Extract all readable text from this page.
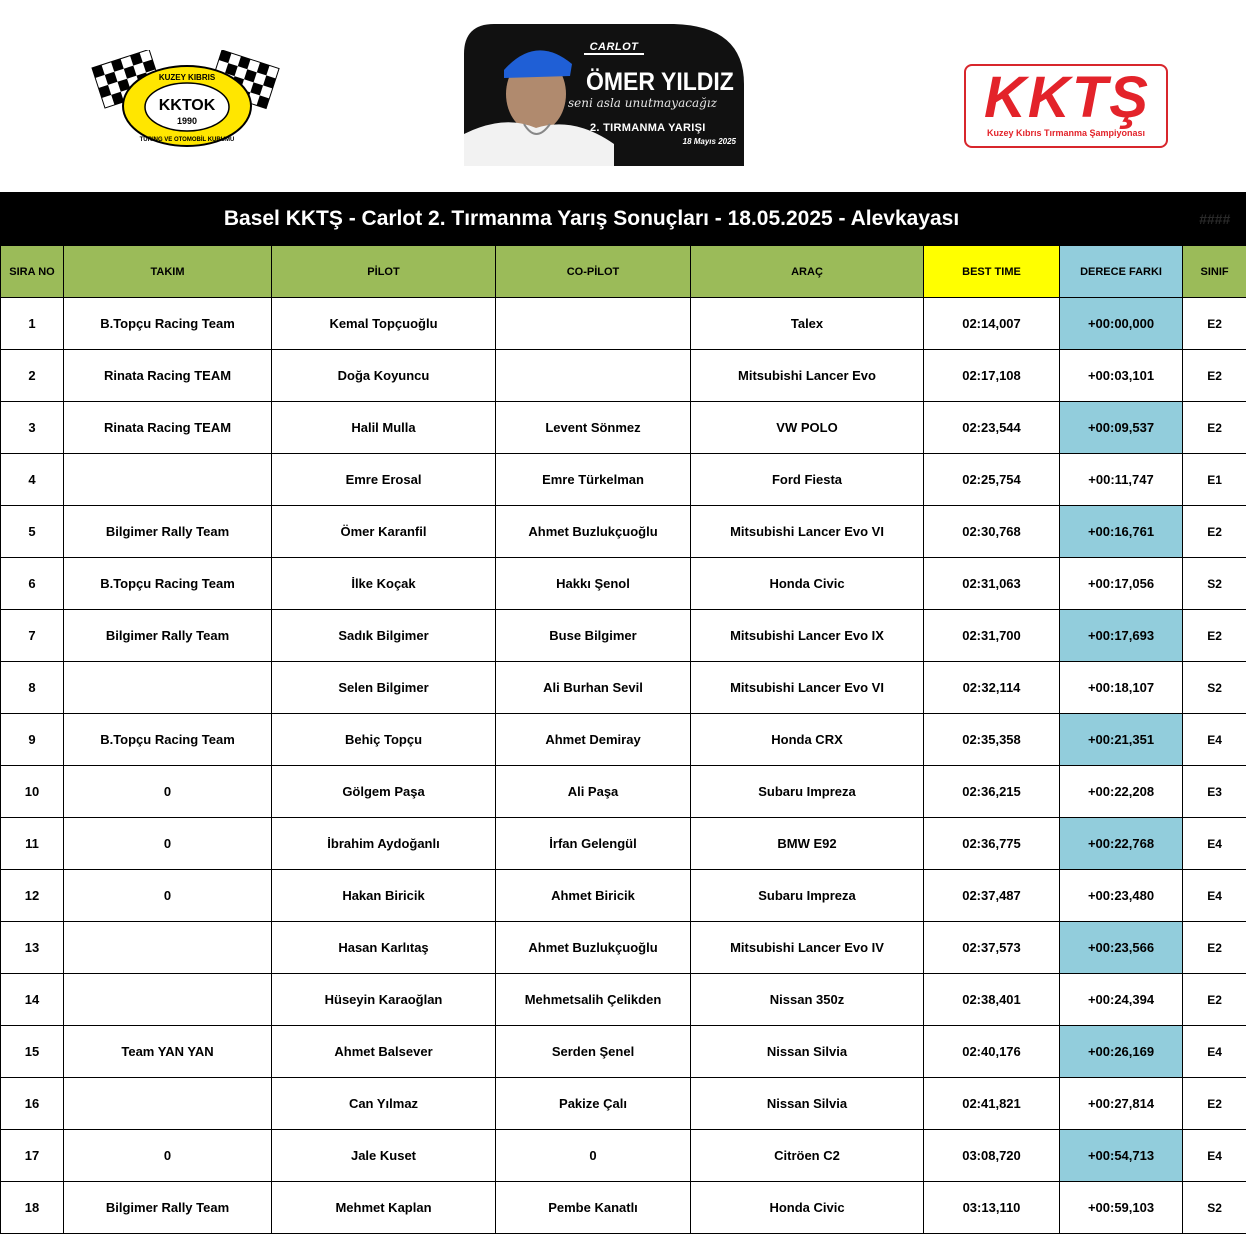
KUZEY KIBRIS
KKTOK
1990
TURING VE OTOMOBİL KURUMU
CARLOT
ÖMER YILDIZ
seni asla unutmayacağız
2. TIRMANMA YARIŞI
18 Mayıs 2025
KKTŞ
Kuzey Kıbrıs Tırmanma Şampiyonası
Basel KKTŞ - Carlot 2. Tırmanma Yarış Sonuçları - 18.05.2025 - Alevkayası							####
SIRA NO	TAKIM	PİLOT	CO-PİLOT	ARAÇ	BEST TIME	DERECE FARKI	SINIF
1	B.Topçu Racing Team	Kemal Topçuoğlu		Talex	02:14,007	+00:00,000	E2
2	Rinata Racing TEAM	Doğa Koyuncu		Mitsubishi Lancer Evo	02:17,108	+00:03,101	E2
3	Rinata Racing TEAM	Halil Mulla	Levent Sönmez	VW POLO	02:23,544	+00:09,537	E2
4		Emre Erosal	Emre Türkelman	Ford Fiesta	02:25,754	+00:11,747	E1
5	Bilgimer Rally Team	Ömer Karanfil	Ahmet Buzlukçuoğlu	Mitsubishi Lancer Evo VI	02:30,768	+00:16,761	E2
6	B.Topçu Racing Team	İlke Koçak	Hakkı Şenol	Honda Civic	02:31,063	+00:17,056	S2
7	Bilgimer Rally Team	Sadık Bilgimer	Buse Bilgimer	Mitsubishi Lancer Evo IX	02:31,700	+00:17,693	E2
8		Selen Bilgimer	Ali Burhan Sevil	Mitsubishi Lancer Evo VI	02:32,114	+00:18,107	S2
9	B.Topçu Racing Team	Behiç Topçu	Ahmet Demiray	Honda CRX	02:35,358	+00:21,351	E4
10	0	Gölgem Paşa	Ali Paşa	Subaru Impreza	02:36,215	+00:22,208	E3
11	0	İbrahim Aydoğanlı	İrfan Gelengül	BMW E92	02:36,775	+00:22,768	E4
12	0	Hakan Biricik	Ahmet Biricik	Subaru Impreza	02:37,487	+00:23,480	E4
13		Hasan Karlıtaş	Ahmet Buzlukçuoğlu	Mitsubishi Lancer Evo IV	02:37,573	+00:23,566	E2
14		Hüseyin Karaoğlan	Mehmetsalih Çelikden	Nissan 350z	02:38,401	+00:24,394	E2
15	Team YAN YAN	Ahmet Balsever	Serden Şenel	Nissan Silvia	02:40,176	+00:26,169	E4
16		Can Yılmaz	Pakize Çalı	Nissan Silvia	02:41,821	+00:27,814	E2
17	0	Jale Kuset	0	Citröen C2	03:08,720	+00:54,713	E4
18	Bilgimer Rally Team	Mehmet Kaplan	Pembe Kanatlı	Honda Civic	03:13,110	+00:59,103	S2
